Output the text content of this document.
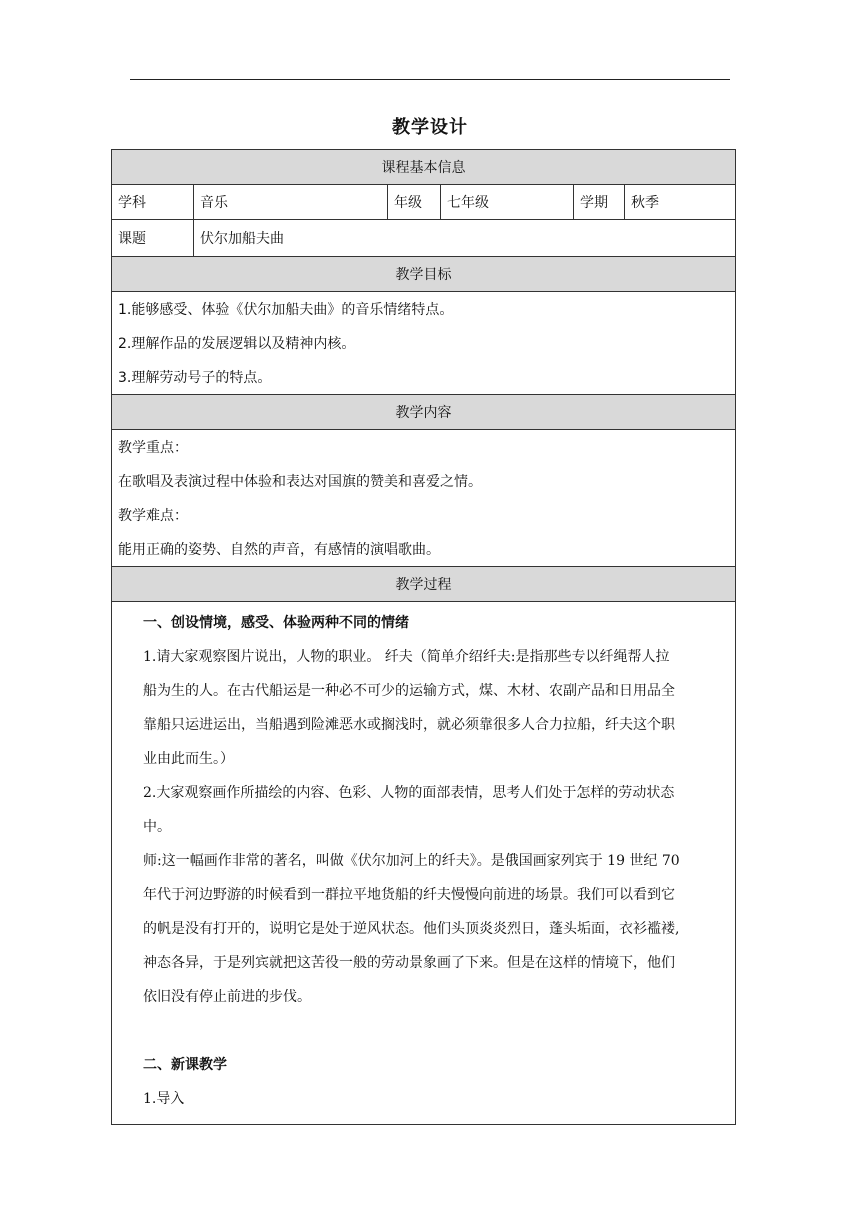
教学设计
课程基本信息
学科	音乐	年级	七年级	学期	秋季
课题	伏尔加船夫曲
教学目标
1.能够感受、体验《伏尔加船夫曲》的音乐情绪特点。
2.理解作品的发展逻辑以及精神内核。
3.理解劳动号子的特点。
教学内容
教学重点：
在歌唱及表演过程中体验和表达对国旗的赞美和喜爱之情。
教学难点：
能用正确的姿势、自然的声音，有感情的演唱歌曲。
教学过程

一、创设情境，感受、体验两种不同的情绪

1.请大家观察图片说出，人物的职业。 纤夫（简单介绍纤夫:是指那些专以纤绳帮人拉

船为生的人。在古代船运是一种必不可少的运输方式，煤、木材、农副产品和日用品全

靠船只运进运出，当船遇到险滩恶水或搁浅时，就必须靠很多人合力拉船，纤夫这个职

业由此而生。）

2.大家观察画作所描绘的内容、色彩、人物的面部表情，思考人们处于怎样的劳动状态

中。

师:这一幅画作非常的著名，叫做《伏尔加河上的纤夫》。是俄国画家列宾于 19 世纪 70

年代于河边野游的时候看到一群拉平地货船的纤夫慢慢向前进的场景。我们可以看到它

的帆是没有打开的，说明它是处于逆风状态。他们头顶炎炎烈日，蓬头垢面，衣衫褴褛,

神态各异，于是列宾就把这苦役一般的劳动景象画了下来。但是在这样的情境下，他们

依旧没有停止前进的步伐。

二、新课教学

1.导入
